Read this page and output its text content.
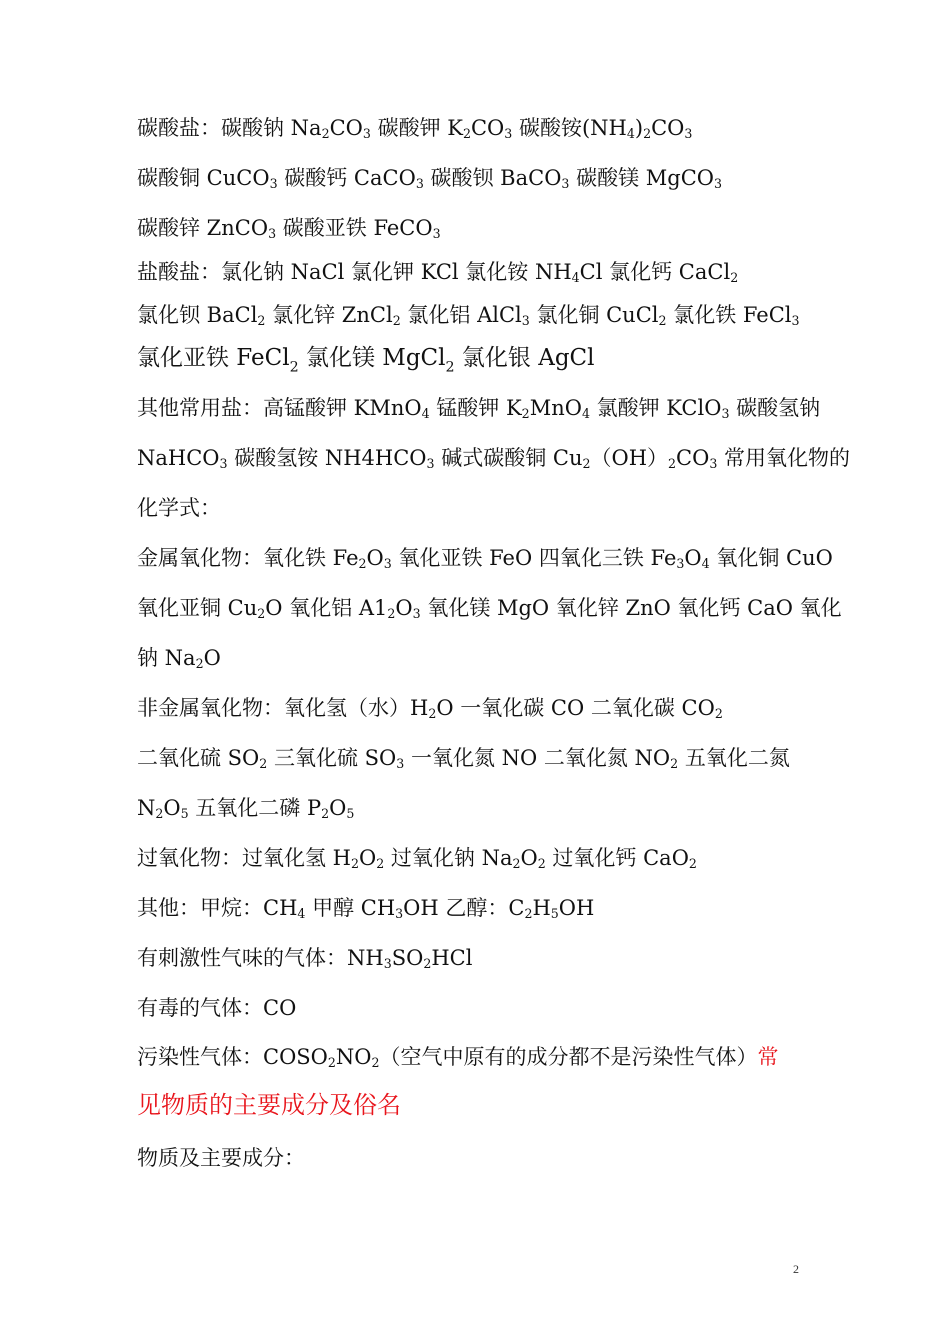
碳酸盐：碳酸钠 $Na_2CO_3$ 碳酸钾 $K_2CO_3$ 碳酸铵$(NH_4)_2CO_3$
碳酸铜 CuCO$_3$ 碳酸钙 CaCO$_3$ 碳酸钡 BaCO$_3$ 碳酸镁 MgCO$_3$
碳酸锌 ZnCO$_3$ 碳酸亚铁 FeCO$_3$
盐酸盐：氯化钠 NaCl 氯化钾 KCl 氯化铵 $NH_4Cl$ 氯化钙 CaCl$_2$
氯化钡 BaCl$_2$ 氯化锌 ZnCl$_2$ 氯化铝 AlCl$_3$ 氯化铜 CuCl$_2$ 氯化铁 FeCl$_3$
氯化亚铁 FeCl$_2$ 氯化镁 MgCl$_2$ 氯化银 AgCl
其他常用盐：高锰酸钾 KMnO$_4$ 锰酸钾 $K_2MnO_4$ 氯酸钾 KClO$_3$ 碳酸氢钠
NaHCO$_3$ 碳酸氢铵 $NH4HCO_3$ 碱式碳酸铜 $Cu_2(OH)_2CO_3$ 常用氧化物的
化学式：
金属氧化物：氧化铁 $Fe_2O_3$ 氧化亚铁 FeO 四氧化三铁 $Fe_3O_4$ 氧化铜 CuO
氧化亚铜 $Cu_2O$ 氧化铝 $A1_2O_3$ 氧化镁 MgO 氧化锌 ZnO 氧化钙 CaO 氧化
钠 $Na_2O$
非金属氧化物：氧化氢（水）$H_2O$ 一氧化碳 CO 二氧化碳 $CO_2$
二氧化硫 $SO_2$ 三氧化硫 $SO_3$ 一氧化氮 NO 二氧化氮 $NO_2$ 五氧化二氮
$N_2O_5$ 五氧化二磷 $P_2O_5$
过氧化物：过氧化氢 $H_2O_2$ 过氧化钠 $Na_2O_2$ 过氧化钙 CaO$_2$
其他：甲烷：$CH_4$ 甲醇 $CH_3OH$ 乙醇：$C_2H_5OH$
有刺激性气味的气体：$NH_3SO_2HCl$
有毒的气体：CO
污染性气体：$COSO_2NO_2$（空气中原有的成分都不是污染性气体）常
见物质的主要成分及俗名
物质及主要成分：
2
